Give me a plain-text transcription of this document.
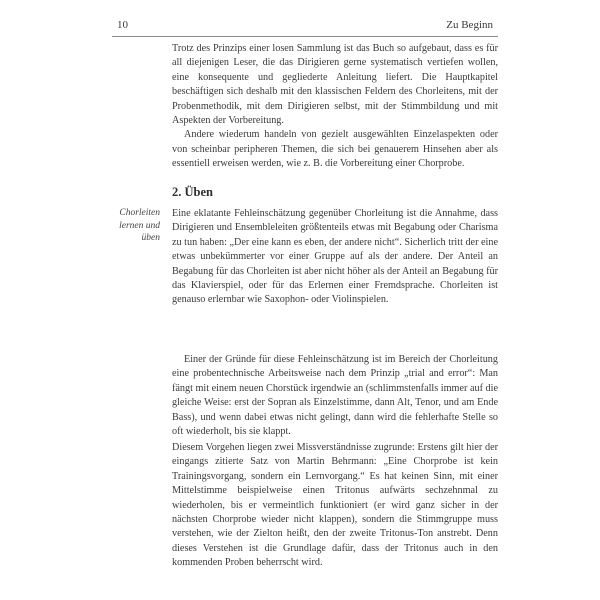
10	Zu Beginn

Trotz des Prinzips einer losen Sammlung ist das Buch so aufgebaut, dass es für all diejenigen Leser, die das Dirigieren gerne systematisch vertiefen wollen, eine konsequente und gegliederte Anleitung liefert. Die Hauptkapitel beschäftigen sich deshalb mit den klassischen Feldern des Chorleitens, mit der Probenmethodik, mit dem Dirigieren selbst, mit der Stimmbildung und mit Aspekten der Vorbereitung.

Andere wiederum handeln von gezielt ausgewählten Einzelaspekten oder von scheinbar peripheren Themen, die sich bei genauerem Hinsehen aber als essentiell erweisen werden, wie z. B. die Vorbereitung einer Chorprobe.

2. Üben
Chorleiten lernen und üben

Eine eklatante Fehleinschätzung gegenüber Chorleitung ist die Annahme, dass Dirigieren und Ensembleleiten größtenteils etwas mit Begabung oder Charisma zu tun haben: „Der eine kann es eben, der andere nicht“. Sicherlich tritt der eine etwas unbekümmerter vor einer Gruppe auf als der andere. Der Anteil an Begabung für das Chorleiten ist aber nicht höher als der Anteil an Begabung für das Klavierspiel, oder für das Erlernen einer Fremdsprache. Chorleiten ist genauso erlernbar wie Saxophon- oder Violinspielen.

Einer der Gründe für diese Fehleinschätzung ist im Bereich der Chorleitung eine probentechnische Arbeitsweise nach dem Prinzip „trial and error“: Man fängt mit einem neuen Chorstück irgendwie an (schlimmstenfalls immer auf die gleiche Weise: erst der Sopran als Einzelstimme, dann Alt, Tenor, und am Ende Bass), und wenn dabei etwas nicht gelingt, dann wird die fehlerhafte Stelle so oft wiederholt, bis sie klappt.

Diesem Vorgehen liegen zwei Missverständnisse zugrunde: Erstens gilt hier der eingangs zitierte Satz von Martin Behrmann: „Eine Chorprobe ist kein Trainingsvorgang, sondern ein Lernvorgang.“ Es hat keinen Sinn, mit einer Mittelstimme beispielweise einen Tritonus aufwärts sechzehnmal zu wiederholen, bis er vermeintlich funktioniert (er wird ganz sicher in der nächsten Chorprobe wieder nicht klappen), sondern die Stimmgruppe muss verstehen, wie der Zielton heißt, den der zweite Tritonus-Ton anstrebt. Denn dieses Verstehen ist die Grundlage dafür, dass der Tritonus auch in den kommenden Proben beherrscht wird.
